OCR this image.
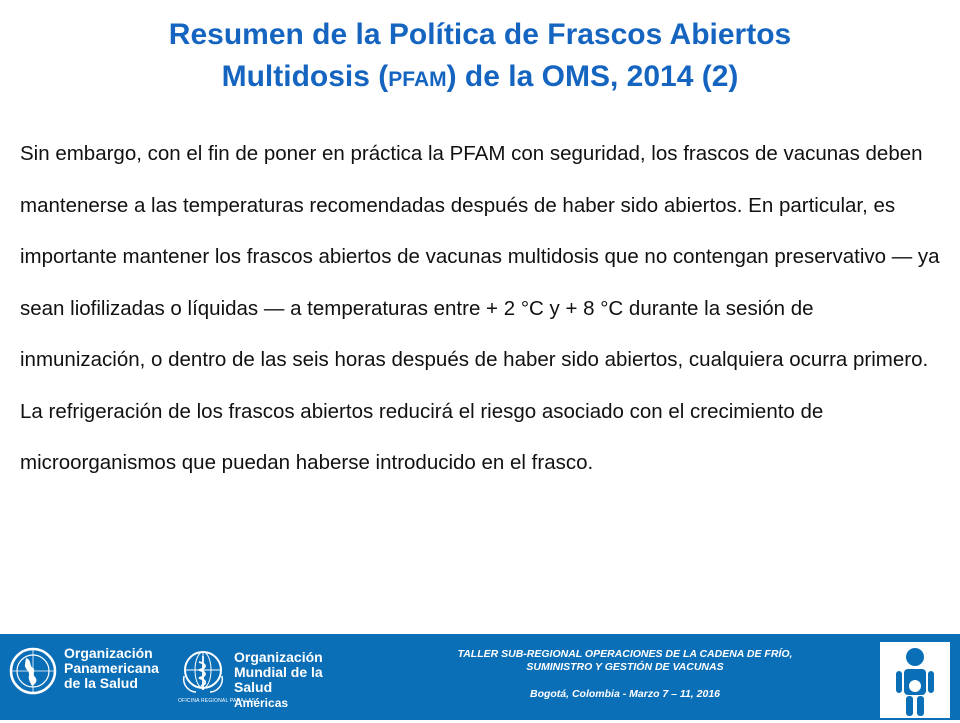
Resumen de la Política de Frascos Abiertos
Multidosis (PFAM) de la OMS, 2014 (2)
Sin embargo, con el fin de poner en práctica la PFAM con seguridad, los frascos de vacunas deben mantenerse a las temperaturas recomendadas después de haber sido abiertos. En particular, es importante mantener los frascos abiertos de vacunas multidosis que no contengan preservativo — ya sean liofilizadas o líquidas — a temperaturas entre + 2 °C y + 8 °C durante la sesión de inmunización, o dentro de las seis horas después de haber sido abiertos, cualquiera ocurra primero. La refrigeración de los frascos abiertos reducirá el riesgo asociado con el crecimiento de microorganismos que puedan haberse introducido en el frasco.
Organización
Panamericana
de la Salud
Organización
Mundial de la Salud
OFICINA REGIONAL PARA LAS
Américas
TALLER SUB-REGIONAL OPERACIONES DE LA CADENA DE FRÍO,
SUMINISTRO Y GESTIÓN DE VACUNAS
Bogotá, Colombia - Marzo 7 – 11, 2016
